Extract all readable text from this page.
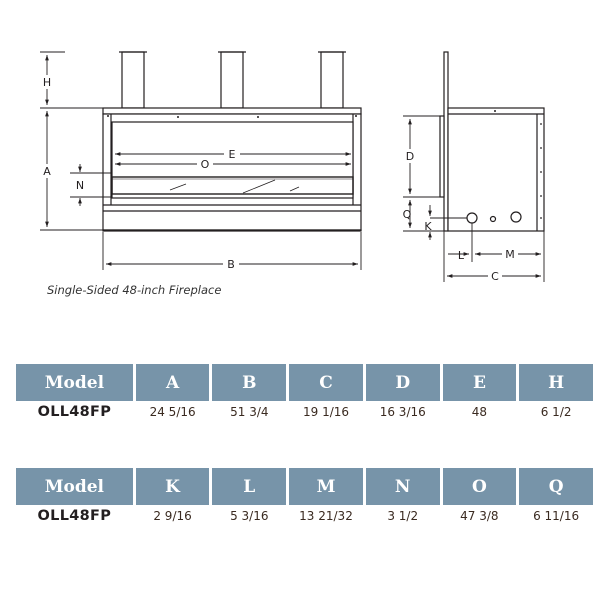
H
A
N
E
O
B
D
Q
K
L	M
C
Single-Sided 48-inch Fireplace
Model	A	B	C	D	E	H
OLL48FP	24 5/16	51 3/4	19 1/16	16 3/16	48	6 1/2
Model	K	L	M	N	O	Q
OLL48FP	2 9/16	5 3/16	13 21/32	3 1/2	47 3/8	6 11/16
